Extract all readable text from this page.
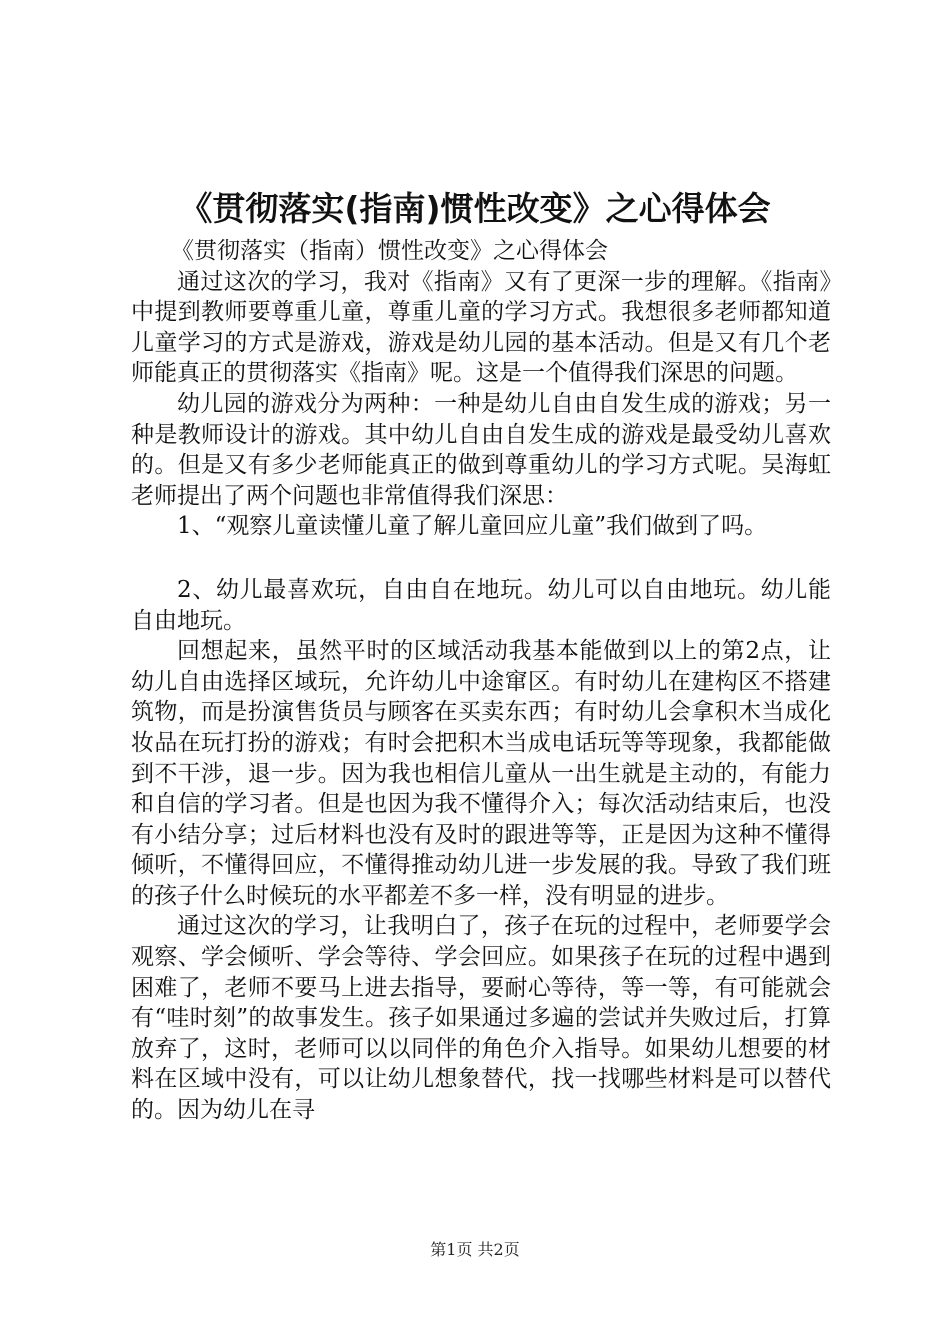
《贯彻落实(指南)惯性改变》之心得体会

《贯彻落实（指南）惯性改变》之心得体会

通过这次的学习，我对《指南》又有了更深一步的理解。《指南》中提到教师要尊重儿童，尊重儿童的学习方式。我想很多老师都知道儿童学习的方式是游戏，游戏是幼儿园的基本活动。但是又有几个老师能真正的贯彻落实《指南》呢。这是一个值得我们深思的问题。

幼儿园的游戏分为两种：一种是幼儿自由自发生成的游戏；另一种是教师设计的游戏。其中幼儿自由自发生成的游戏是最受幼儿喜欢的。但是又有多少老师能真正的做到尊重幼儿的学习方式呢。吴海虹老师提出了两个问题也非常值得我们深思：

1、“观察儿童读懂儿童了解儿童回应儿童”我们做到了吗。

2、幼儿最喜欢玩，自由自在地玩。幼儿可以自由地玩。幼儿能自由地玩。

回想起来，虽然平时的区域活动我基本能做到以上的第2点，让幼儿自由选择区域玩，允许幼儿中途窜区。有时幼儿在建构区不搭建筑物，而是扮演售货员与顾客在买卖东西；有时幼儿会拿积木当成化妆品在玩打扮的游戏；有时会把积木当成电话玩等等现象，我都能做到不干涉，退一步。因为我也相信儿童从一出生就是主动的，有能力和自信的学习者。但是也因为我不懂得介入；每次活动结束后，也没有小结分享；过后材料也没有及时的跟进等等，正是因为这种不懂得倾听，不懂得回应，不懂得推动幼儿进一步发展的我。导致了我们班的孩子什么时候玩的水平都差不多一样，没有明显的进步。

通过这次的学习，让我明白了，孩子在玩的过程中，老师要学会观察、学会倾听、学会等待、学会回应。如果孩子在玩的过程中遇到困难了，老师不要马上进去指导，要耐心等待，等一等，有可能就会有“哇时刻”的故事发生。孩子如果通过多遍的尝试并失败过后，打算放弃了，这时，老师可以以同伴的角色介入指导。如果幼儿想要的材料在区域中没有，可以让幼儿想象替代，找一找哪些材料是可以替代的。因为幼儿在寻

第1页 共2页
